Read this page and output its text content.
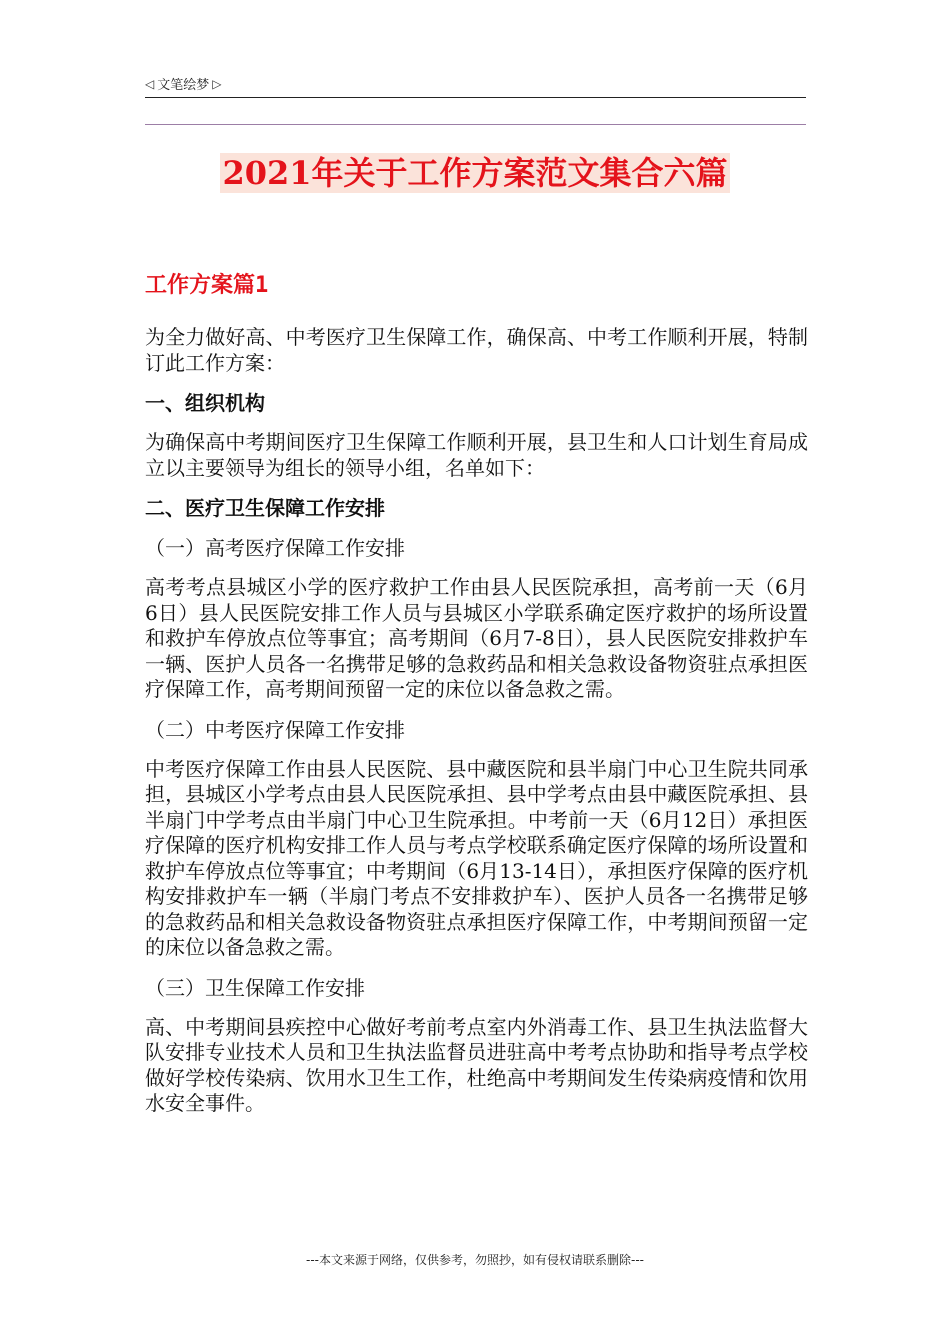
◁ 文笔绘梦 ▷
2021年关于工作方案范文集合六篇
工作方案篇1

为全力做好高、中考医疗卫生保障工作，确保高、中考工作顺利开展，特制订此工作方案：

一、组织机构

为确保高中考期间医疗卫生保障工作顺利开展，县卫生和人口计划生育局成立以主要领导为组长的领导小组，名单如下：

二、医疗卫生保障工作安排

（一）高考医疗保障工作安排

高考考点县城区小学的医疗救护工作由县人民医院承担，高考前一天（6月6日）县人民医院安排工作人员与县城区小学联系确定医疗救护的场所设置和救护车停放点位等事宜；高考期间（6月7-8日），县人民医院安排救护车一辆、医护人员各一名携带足够的急救药品和相关急救设备物资驻点承担医疗保障工作，高考期间预留一定的床位以备急救之需。

（二）中考医疗保障工作安排

中考医疗保障工作由县人民医院、县中藏医院和县半扇门中心卫生院共同承担，县城区小学考点由县人民医院承担、县中学考点由县中藏医院承担、县半扇门中学考点由半扇门中心卫生院承担。中考前一天（6月12日）承担医疗保障的医疗机构安排工作人员与考点学校联系确定医疗保障的场所设置和救护车停放点位等事宜；中考期间（6月13-14日），承担医疗保障的医疗机构安排救护车一辆（半扇门考点不安排救护车）、医护人员各一名携带足够的急救药品和相关急救设备物资驻点承担医疗保障工作，中考期间预留一定的床位以备急救之需。

（三）卫生保障工作安排

高、中考期间县疾控中心做好考前考点室内外消毒工作、县卫生执法监督大队安排专业技术人员和卫生执法监督员进驻高中考考点协助和指导考点学校做好学校传染病、饮用水卫生工作，杜绝高中考期间发生传染病疫情和饮用水安全事件。

---本文来源于网络，仅供参考，勿照抄，如有侵权请联系删除---
